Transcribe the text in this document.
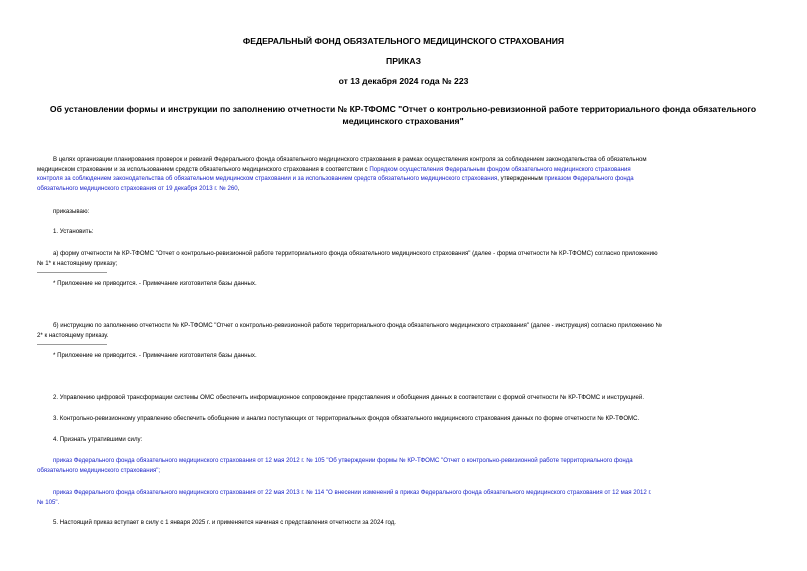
ФЕДЕРАЛЬНЫЙ ФОНД ОБЯЗАТЕЛЬНОГО МЕДИЦИНСКОГО СТРАХОВАНИЯ
ПРИКАЗ
от 13 декабря 2024 года № 223
Об установлении формы и инструкции по заполнению отчетности № КР-ТФОМС "Отчет о контрольно-ревизионной работе территориального фонда обязательного
медицинского страхования"
В целях организации планирования проверок и ревизий Федерального фонда обязательного медицинского страхования в рамках осуществления контроля за соблюдением законодательства об обязательном
медицинском страховании и за использованием средств обязательного медицинского страхования в соответствии с Порядком осуществления Федеральным фондом обязательного медицинского страхования
контроля за соблюдением законодательства об обязательном медицинском страховании и за использованием средств обязательного медицинского страхования, утвержденным приказом Федерального фонда
обязательного медицинского страхования от 19 декабря 2013 г. № 260,
приказываю:
1. Установить:
а) форму отчетности № КР-ТФОМС "Отчет о контрольно-ревизионной работе территориального фонда обязательного медицинского страхования" (далее - форма отчетности № КР-ТФОМС) согласно приложению
№ 1* к настоящему приказу;
* Приложение не приводится. - Примечание изготовителя базы данных.
б) инструкцию по заполнению отчетности № КР-ТФОМС "Отчет о контрольно-ревизионной работе территориального фонда обязательного медицинского страхования" (далее - инструкция) согласно приложению №
2* к настоящему приказу.
* Приложение не приводится. - Примечание изготовителя базы данных.
2. Управлению цифровой трансформации системы ОМС обеспечить информационное сопровождение представления и обобщения данных в соответствии с формой отчетности № КР-ТФОМС и инструкцией.
3. Контрольно-ревизионному управлению обеспечить обобщение и анализ поступающих от территориальных фондов обязательного медицинского страхования данных по форме отчетности № КР-ТФОМС.
4. Признать утратившими силу:
приказ Федерального фонда обязательного медицинского страхования от 12 мая 2012 г. № 105 "Об утверждении формы № КР-ТФОМС "Отчет о контрольно-ревизионной работе территориального фонда
обязательного медицинского страхования";
приказ Федерального фонда обязательного медицинского страхования от 22 мая 2013 г. № 114 "О внесении изменений в приказ Федерального фонда обязательного медицинского страхования от 12 мая 2012 г.
№ 105".
5. Настоящий приказ вступает в силу с 1 января 2025 г. и применяется начиная с представления отчетности за 2024 год.
